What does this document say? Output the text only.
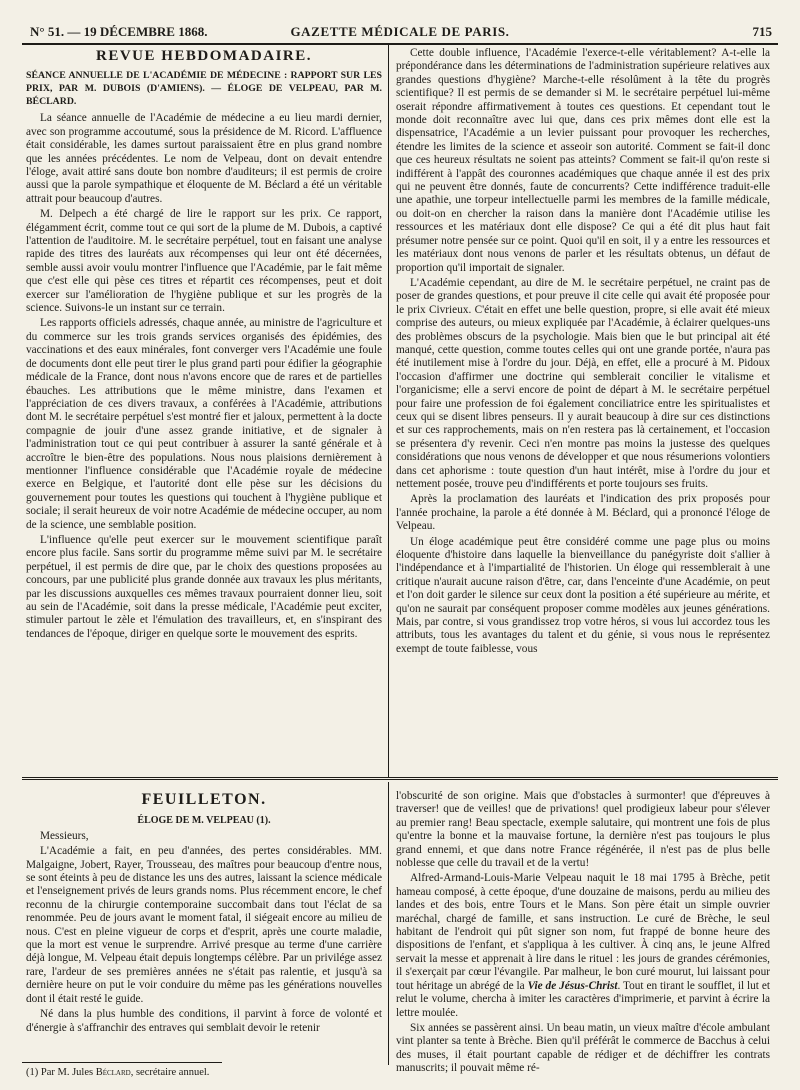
N° 51. — 19 DÉCEMBRE 1868.	GAZETTE MÉDICALE DE PARIS.	715
REVUE HEBDOMADAIRE.
SÉANCE ANNUELLE DE L'ACADÉMIE DE MÉDECINE : RAPPORT SUR LES PRIX, PAR M. DUBOIS (D'AMIENS). — ÉLOGE DE VELPEAU, PAR M. BÉCLARD.

La séance annuelle de l'Académie de médecine a eu lieu mardi dernier, avec son programme accoutumé, sous la présidence de M. Ricord. L'affluence était considérable, les dames surtout paraissaient être en plus grand nombre que les années précédentes. Le nom de Velpeau, dont on devait entendre l'éloge, avait attiré sans doute bon nombre d'auditeurs; il est permis de croire aussi que la parole sympathique et éloquente de M. Béclard a été un véritable attrait pour beaucoup d'autres.

M. Delpech a été chargé de lire le rapport sur les prix. Ce rapport, élégamment écrit, comme tout ce qui sort de la plume de M. Dubois, a captivé l'attention de l'auditoire. M. le secrétaire perpétuel, tout en faisant une analyse rapide des titres des lauréats aux récompenses qui leur ont été décernées, semble aussi avoir voulu montrer l'influence que l'Académie, par le fait même que c'est elle qui pèse ces titres et répartit ces récompenses, peut et doit exercer sur l'amélioration de l'hygiène publique et sur les progrès de la science. Suivons-le un instant sur ce terrain.

Les rapports officiels adressés, chaque année, au ministre de l'agriculture et du commerce sur les trois grands services organisés des épidémies, des vaccinations et des eaux minérales, font converger vers l'Académie une foule de documents dont elle peut tirer le plus grand parti pour édifier la géographie médicale de la France, dont nous n'avons encore que de rares et de partielles ébauches. Les attributions que le même ministre, dans l'examen et l'appréciation de ces divers travaux, a conférées à l'Académie, attributions dont M. le secrétaire perpétuel s'est montré fier et jaloux, permettent à la docte compagnie de jouir d'une assez grande initiative, et de signaler à l'administration tout ce qui peut contribuer à assurer la santé générale et à accroître le bien-être des populations. Nous nous plaisions dernièrement à mentionner l'influence considérable que l'Académie royale de médecine exerce en Belgique, et l'autorité dont elle pèse sur les décisions du gouvernement pour toutes les questions qui touchent à l'hygiène publique et sociale; il serait heureux de voir notre Académie de médecine occuper, au nom de la science, une semblable position.

L'influence qu'elle peut exercer sur le mouvement scientifique paraît encore plus facile. Sans sortir du programme même suivi par M. le secrétaire perpétuel, il est permis de dire que, par le choix des questions proposées au concours, par une publicité plus grande donnée aux travaux les plus méritants, par les discussions auxquelles ces mêmes travaux pourraient donner lieu, soit au sein de l'Académie, soit dans la presse médicale, l'Académie peut exciter, stimuler partout le zèle et l'émulation des travailleurs, et, en s'inspirant des tendances de l'époque, diriger en quelque sorte le mouvement des esprits.

Cette double influence, l'Académie l'exerce-t-elle véritablement? A-t-elle la prépondérance dans les déterminations de l'administration supérieure relatives aux grandes questions d'hygiène? Marche-t-elle résolûment à la tête du progrès scientifique? Il est permis de se demander si M. le secrétaire perpétuel lui-même oserait répondre affirmativement à toutes ces questions. Et cependant tout le monde doit reconnaître avec lui que, dans ces prix mêmes dont elle est la dispensatrice, l'Académie a un levier puissant pour provoquer les recherches, étendre les limites de la science et asseoir son autorité. Comment se fait-il donc que ces heureux résultats ne soient pas atteints? Comment se fait-il qu'on reste si indifférent à l'appât des couronnes académiques que chaque année il est des prix qui ne peuvent être donnés, faute de concurrents? Cette indifférence traduit-elle une apathie, une torpeur intellectuelle parmi les membres de la famille médicale, ou doit-on en chercher la raison dans la manière dont l'Académie utilise les ressources et les matériaux dont elle dispose? Ce qui a été dit plus haut fait présumer notre pensée sur ce point. Quoi qu'il en soit, il y a entre les ressources et les matériaux dont nous venons de parler et les résultats obtenus, un défaut de proportion qu'il importait de signaler.

L'Académie cependant, au dire de M. le secrétaire perpétuel, ne craint pas de poser de grandes questions, et pour preuve il cite celle qui avait été proposée pour le prix Civrieux. C'était en effet une belle question, propre, si elle avait été mieux comprise des auteurs, ou mieux expliquée par l'Académie, à éclairer quelques-uns des problèmes obscurs de la psychologie. Mais bien que le but principal ait été manqué, cette question, comme toutes celles qui ont une grande portée, n'aura pas été inutilement mise à l'ordre du jour. Déjà, en effet, elle a procuré à M. Pidoux l'occasion d'affirmer une doctrine qui semblerait concilier le vitalisme et l'organicisme; elle a servi encore de point de départ à M. le secrétaire perpétuel pour faire une profession de foi également conciliatrice entre les spiritualistes et ceux qui se disent libres penseurs. Il y aurait beaucoup à dire sur ces distinctions et sur ces rapprochements, mais on n'en restera pas là certainement, et l'occasion se présentera d'y revenir. Ceci n'en montre pas moins la justesse des quelques considérations que nous venons de développer et que nous résumerions volontiers dans cet aphorisme : toute question d'un haut intérêt, mise à l'ordre du jour et nettement posée, trouve peu d'indifférents et porte toujours ses fruits.

Après la proclamation des lauréats et l'indication des prix proposés pour l'année prochaine, la parole a été donnée à M. Béclard, qui a prononcé l'éloge de Velpeau.

Un éloge académique peut être considéré comme une page plus ou moins éloquente d'histoire dans laquelle la bienveillance du panégyriste doit s'allier à l'indépendance et à l'impartialité de l'historien. Un éloge qui ressemblerait à une critique n'aurait aucune raison d'être, car, dans l'enceinte d'une Académie, on peut et l'on doit garder le silence sur ceux dont la position a été supérieure au mérite, et qu'on ne saurait par conséquent proposer comme modèles aux jeunes générations. Mais, par contre, si vous grandissez trop votre héros, si vous lui accordez tous les attributs, tous les avantages du talent et du génie, si vous nous le représentez exempt de toute faiblesse, vous

FEUILLETON.
ÉLOGE DE M. VELPEAU (1).

Messieurs,

L'Académie a fait, en peu d'années, des pertes considérables. MM. Malgaigne, Jobert, Rayer, Trousseau, des maîtres pour beaucoup d'entre nous, se sont éteints à peu de distance les uns des autres, laissant la science médicale et l'enseignement privés de leurs grands noms. Plus récemment encore, le chef reconnu de la chirurgie contemporaine succombait dans tout l'éclat de sa renommée. Peu de jours avant le moment fatal, il siégeait encore au milieu de nous. C'est en pleine vigueur de corps et d'esprit, après une courte maladie, que la mort est venue le surprendre. Arrivé presque au terme d'une carrière déjà longue, M. Velpeau était depuis longtemps célèbre. Par un privilége assez rare, l'ardeur de ses premières années ne s'était pas ralentie, et jusqu'à sa dernière heure on put le voir conduire du même pas les générations nouvelles dont il était resté le guide.

Né dans la plus humble des conditions, il parvint à force de volonté et d'énergie à s'affranchir des entraves qui semblait devoir le retenir

l'obscurité de son origine. Mais que d'obstacles à surmonter! que d'épreuves à traverser! que de veilles! que de privations! quel prodigieux labeur pour s'élever au premier rang! Beau spectacle, exemple salutaire, qui montrent une fois de plus qu'entre la bonne et la mauvaise fortune, la dernière n'est pas toujours le plus grand ennemi, et que dans notre France régénérée, il n'est pas de plus belle noblesse que celle du travail et de la vertu!

Alfred-Armand-Louis-Marie Velpeau naquit le 18 mai 1795 à Brèche, petit hameau composé, à cette époque, d'une douzaine de maisons, perdu au milieu des landes et des bois, entre Tours et le Mans. Son père était un simple ouvrier maréchal, chargé de famille, et sans instruction. Le curé de Brèche, le seul habitant de l'endroit qui pût signer son nom, fut frappé de bonne heure des dispositions de l'enfant, et s'appliqua à les cultiver. À cinq ans, le jeune Alfred servait la messe et apprenait à lire dans le rituel : les jours de grandes cérémonies, il s'exerçait par cœur l'évangile. Par malheur, le bon curé mourut, lui laissant pour tout héritage un abrégé de la Vie de Jésus-Christ. Tout en tirant le soufflet, il lut et relut le volume, chercha à imiter les caractères d'imprimerie, et parvint à écrire la lettre moulée.

Six années se passèrent ainsi. Un beau matin, un vieux maître d'école ambulant vint planter sa tente à Brèche. Bien qu'il préférât le commerce de Bacchus à celui des muses, il était pourtant capable de rédiger et de déchiffrer les contrats manuscrits; il pouvait même ré-

(1) Par M. Jules Béclard, secrétaire annuel.
